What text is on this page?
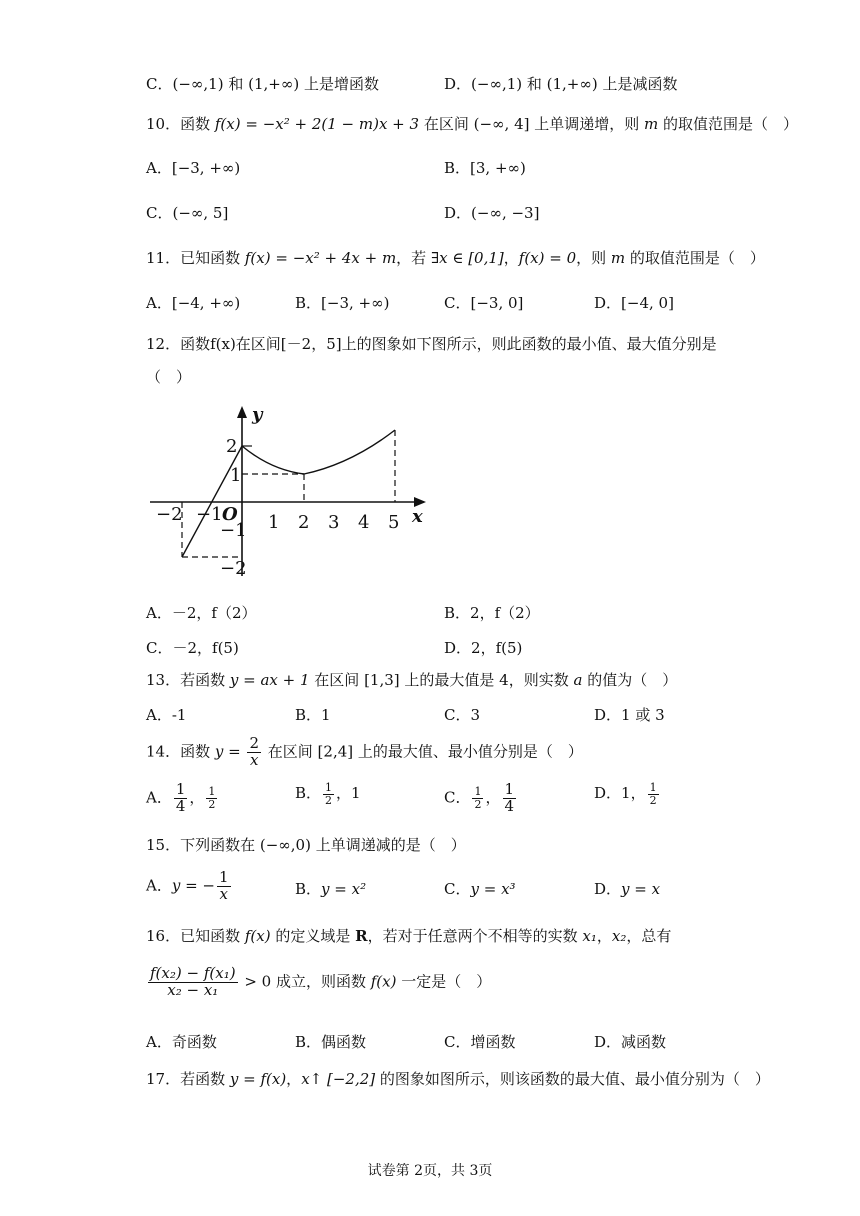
C．(−∞,1) 和 (1,+∞) 上是增函数	D．(−∞,1) 和 (1,+∞) 上是减函数
10．函数 f(x) = −x² + 2(1 − m)x + 3 在区间 (−∞, 4] 上单调递增，则 m 的取值范围是（　）
A．[−3, +∞)	B．[3, +∞)
C．(−∞, 5]	D．(−∞, −3]
11．已知函数 f(x) = −x² + 4x + m，若 ∃x ∈ [0,1]，f(x) = 0，则 m 的取值范围是（　）
A．[−4, +∞)	B．[−3, +∞)	C．[−3, 0]	D．[−4, 0]
12．函数f(x)在区间[－2，5]上的图象如下图所示，则此函数的最小值、最大值分别是
（　）
y
x
O
2
1
−1
−2
−2 −1	1 2 3 4 5
A．－2，f（2）	B．2，f（2）
C．－2，f(5)	D．2，f(5)
13．若函数 y = ax + 1 在区间 [1,3] 上的最大值是 4，则实数 a 的值为（　）
A．-1	B．1	C．3	D．1 或 3
14．函数 $y = \frac{2}{x}$ 在区间 [2,4] 上的最大值、最小值分别是（　）
A． $\frac{1}{4}$ ， $\frac{1}{2}$	B． $\frac{1}{2}$ ，1	C． $\frac{1}{2}$ ， $\frac{1}{4}$	D．1， $\frac{1}{2}$
15．下列函数在 (−∞,0) 上单调递减的是（　）
A．y = − $\frac{1}{x}$	B．y = x²	C．y = x³	D．y = x
16．已知函数 f(x) 的定义域是 R，若对于任意两个不相等的实数 x₁，x₂，总有
$\frac{\text{f(x₂) − f(x₁)}}{\text{x₂ − x₁}} > 0$ 成立，则函数 f(x) 一定是（　）
A．奇函数	B．偶函数	C．增函数	D．减函数
17．若函数 y = f(x)，x↑ [−2,2] 的图象如图所示，则该函数的最大值、最小值分别为（　）
试卷第 2页，共 3页
